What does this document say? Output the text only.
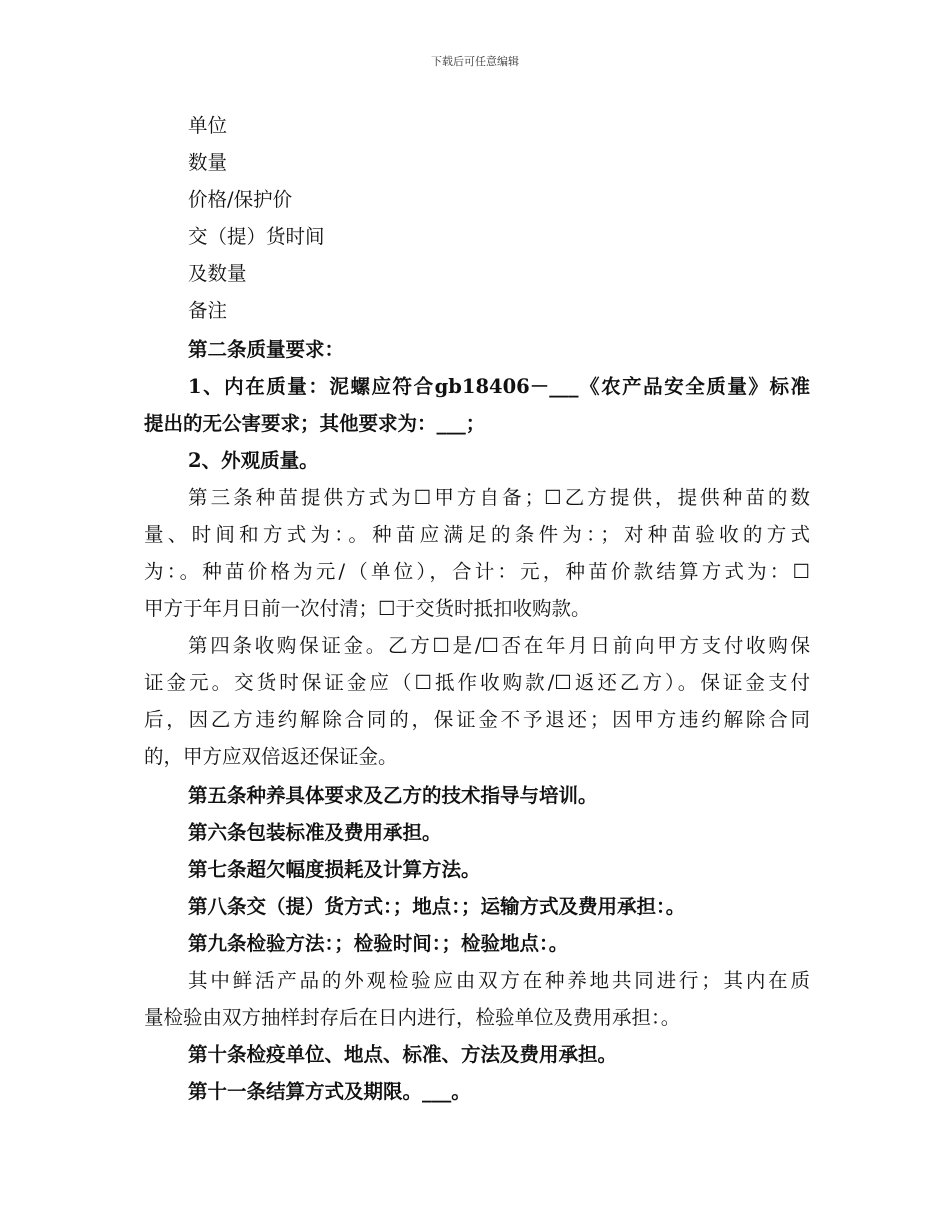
下载后可任意编辑
单位
数量
价格/保护价
交（提）货时间
及数量
备注
第二条质量要求：
1、内在质量：泥螺应符合gb18406－___《农产品安全质量》标准
提出的无公害要求；其他要求为：___；
2、外观质量。
第三条种苗提供方式为☐甲方自备；☐乙方提供，提供种苗的数
量、时间和方式为：。种苗应满足的条件为：；对种苗验收的方式
为：。种苗价格为元/（单位），合计：元，种苗价款结算方式为：☐
甲方于年月日前一次付清；☐于交货时抵扣收购款。
第四条收购保证金。乙方☐是/☐否在年月日前向甲方支付收购保
证金元。交货时保证金应（☐抵作收购款/☐返还乙方）。保证金支付
后，因乙方违约解除合同的，保证金不予退还；因甲方违约解除合同
的，甲方应双倍返还保证金。
第五条种养具体要求及乙方的技术指导与培训。
第六条包装标准及费用承担。
第七条超欠幅度损耗及计算方法。
第八条交（提）货方式：；地点：；运输方式及费用承担：。
第九条检验方法：；检验时间：；检验地点：。
其中鲜活产品的外观检验应由双方在种养地共同进行；其内在质
量检验由双方抽样封存后在日内进行，检验单位及费用承担：。
第十条检疫单位、地点、标准、方法及费用承担。
第十一条结算方式及期限。___。
